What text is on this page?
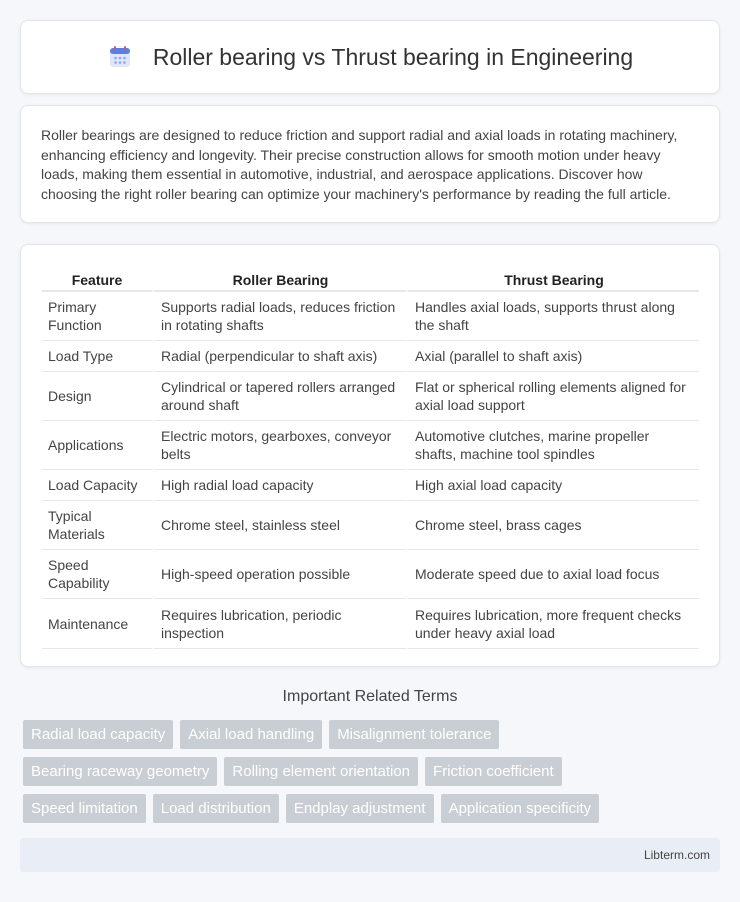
Roller bearing vs Thrust bearing in Engineering

Roller bearings are designed to reduce friction and support radial and axial loads in rotating machinery, enhancing efficiency and longevity. Their precise construction allows for smooth motion under heavy loads, making them essential in automotive, industrial, and aerospace applications. Discover how choosing the right roller bearing can optimize your machinery's performance by reading the full article.

Feature	Roller Bearing	Thrust Bearing
Primary Function	Supports radial loads, reduces friction in rotating shafts	Handles axial loads, supports thrust along the shaft
Load Type	Radial (perpendicular to shaft axis)	Axial (parallel to shaft axis)
Design	Cylindrical or tapered rollers arranged around shaft	Flat or spherical rolling elements aligned for axial load support
Applications	Electric motors, gearboxes, conveyor belts	Automotive clutches, marine propeller shafts, machine tool spindles
Load Capacity	High radial load capacity	High axial load capacity
Typical Materials	Chrome steel, stainless steel	Chrome steel, brass cages
Speed Capability	High-speed operation possible	Moderate speed due to axial load focus
Maintenance	Requires lubrication, periodic inspection	Requires lubrication, more frequent checks under heavy axial load
Important Related Terms
Radial load capacity	Axial load handling	Misalignment tolerance
Bearing raceway geometry	Rolling element orientation	Friction coefficient
Speed limitation	Load distribution	Endplay adjustment	Application specificity
Libterm.com
